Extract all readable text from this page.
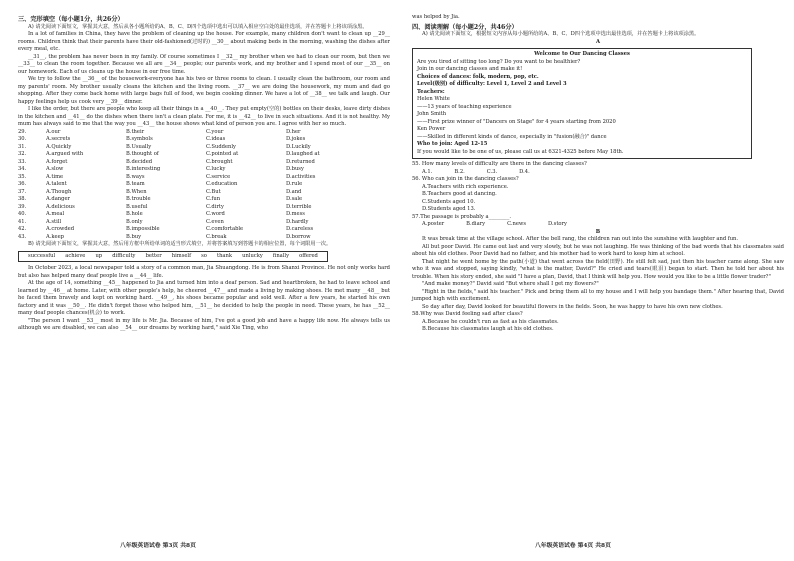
三、完形填空（每小题1分，共26分）

A) 请先阅读下面短文，掌握其大意，然后从各小题所给的A、B、C、D四个选项中选出可以填入相应空白处的最佳选项，并在答题卡上将该项涂黑。

In a lot of families in China, they have the problem of cleaning up the house. For example, many children don't want to clean up __29__ rooms. Children think that their parents have their old-fashioned(过时的) __30__ about making beds in the morning, washing the dishes after every meal, etc.

__31__, the problem has never been in my family. Of course sometimes I __32__ my brother when we had to clean our room, but then we __33__ to clean the room together. Because we all are __34__ people; our parents work, and my brother and I spend most of our __35__ on our homework. Each of us cleans up the house in our free time.

We try to follow the __36__ of the housework-everyone has his two or three rooms to clean. I usually clean the bathroom, our room and my parents' room. My brother usually cleans the kitchen and the living room. __37__ we are doing the housework, my mum and dad go shopping. After they come back home with large bags full of food, we begin cooking dinner. We have a lot of __38__ we talk and laugh. Our happy feelings help us cook very __39__ dinner.

I like the order, but there are people who keep all their things in a __40__. They put empty(空的) bottles on their desks, leave dirty dishes in the kitchen and __41__ do the dishes when there isn't a clean plate. For me, it is __42__ to live in such situations. And it is not healthy. My mum has always said to me that the way you __43__ the house shows what kind of person you are. I agree with her so much.

29.	A.our	B.their	C.your	D.her
30.	A.secrets	B.symbols	C.ideas	D.jokes
31.	A.Quickly	B.Usually	C.Suddenly	D.Luckily
32.	A.argued with	B.thought of	C.pointed at	D.laughed at
33.	A.forget	B.decided	C.brought	D.returned
34.	A.slow	B.interesting	C.lucky	D.busy
35.	A.time	B.ways	C.service	D.activities
36.	A.talent	B.team	C.education	D.rule
37.	A.Though	B.When	C.But	D.and
38.	A.danger	B.trouble	C.fun	D.sale
39.	A.delicious	B.useful	C.dirty	D.terrible
40.	A.meal	B.hole	C.word	D.mess
41.	A.still	B.only	C.even	D.hardly
42.	A.crowded	B.impossible	C.comfortable	D.careless
43.	A.keep	B.buy	C.break	D.borrow

B) 请先阅读下面短文，掌握其大意，然后用方框中所给单词的适当形式填空，并将答案填写到答题卡的相应位置，每个词限用一次。

successful achieve up difficulty better himself so thank unlucky finally offered

In October 2023, a local newspaper told a story of a common man, Jia Shuangdong. He is from Shanxi Province. He not only works hard but also has helped many deaf people live a __44__ life.

At the age of 14, something __45__ happened to Jia and turned him into a deaf person. Sad and heartbroken, he had to leave school and learned by __46__ at home. Later, with other people's help, he cheered __47__ and made a living by making shoes. He met many __48__ but he faced them bravely and kept on working hard. __49__, his shoes became popular and sold well. After a few years, he started his own factory and it was __50__. He didn't forget those who helped him, __51__ he decided to help the people in need. These years, he has __52__ many deaf people chances(机会) to work.

"The person I want __53__ most in my life is Mr. Jia. Because of him, I've got a good job and have a happy life now. He always tells us although we are disabled, we can also __54__ our dreams by working hard," said Xie Ting, who

was helped by Jia.

四、阅读理解（每小题2分，共46分）

A) 请先阅读下面短文，根据短文内容从每小题所给的A、B、C、D四个选项中选出最佳选项，并在答题卡上将该项涂黑。

A
Welcome to Our Dancing Classes
Are you tired of sitting too long? Do you want to be healthier?
Join in our dancing classes and make it!
Choices of dances: folk, modern, pop, etc.
Level(级别) of difficulty: Level 1, Level 2 and Level 3
Teachers:
Helen White
——13 years of teaching experience
John Smith
——First prize winner of "Dancers on Stage" for 4 years starting from 2020
Ken Power
——Skilled in different kinds of dance, especially in "fusion(融合)" dance
Who to join: Aged 12-15
If you would like to be one of us, please call us at 6321-4325 before May 18th.
55. How many levels of difficulty are there in the dancing classes?
A.1.	B.2.	C.3.	D.4.
56. Who can join in the dancing classes?
A.Teachers with rich experience.
B.Teachers good at dancing.
C.Students aged 10.
D.Students aged 13.
57.The passage is probably a________.
A.poster	B.diary	C.news	D.story
B

It was break time at the village school. After the bell rang, the children ran out into the sunshine with laughter and fun.

All but poor David. He came out last and very slowly, but he was not laughing. He was thinking of the bad words that his classmates said about his old clothes. Poor David had no father, and his mother had to work hard to keep him at school.

That night he went home by the path(小道) that went across the field(田野). He still felt sad, just then his teacher came along. She saw who it was and stopped, saying kindly, "what is the matter, David?" He cried and tears(眼泪) began to start. Then he told her about his trouble. When his story ended, she said "I have a plan, David, that I think will help you. How would you like to be a little flower trader?"

"And make money?" David said "But where shall I get my flowers?"

"Right in the fields," said his teacher." Pick and bring them all to my house and I will help you bandage them." After hearing that, David jumped high with excitement.

So day after day, David looked for beautiful flowers in the fields. Soon, he was happy to have his own new clothes.

58.Why was David feeling sad after class?
A.Because he couldn't run as fast as his classmates.
B.Because his classmates laugh at his old clothes.
八年级英语试卷 第3页 共8页	八年级英语试卷 第4页 共8页
